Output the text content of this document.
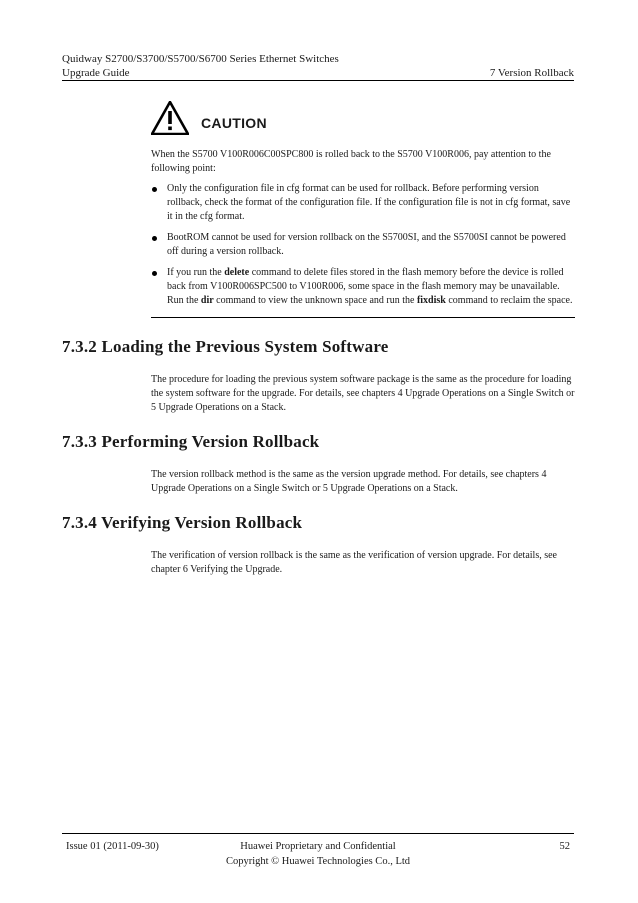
Quidway S2700/S3700/S5700/S6700 Series Ethernet Switches
Upgrade Guide	7 Version Rollback
CAUTION

When the S5700 V100R006C00SPC800 is rolled back to the S5700 V100R006, pay attention to the following point:

Only the configuration file in cfg format can be used for rollback. Before performing version rollback, check the format of the configuration file. If the configuration file is not in cfg format, save it in the cfg format.
BootROM cannot be used for version rollback on the S5700SI, and the S5700SI cannot be powered off during a version rollback.
If you run the delete command to delete files stored in the flash memory before the device is rolled back from V100R006SPC500 to V100R006, some space in the flash memory may be unavailable. Run the dir command to view the unknown space and run the fixdisk command to reclaim the space.
7.3.2 Loading the Previous System Software

The procedure for loading the previous system software package is the same as the procedure for loading the system software for the upgrade. For details, see chapters 4 Upgrade Operations on a Single Switch or 5 Upgrade Operations on a Stack.

7.3.3 Performing Version Rollback

The version rollback method is the same as the version upgrade method. For details, see chapters 4 Upgrade Operations on a Single Switch or 5 Upgrade Operations on a Stack.

7.3.4 Verifying Version Rollback

The verification of version rollback is the same as the verification of version upgrade. For details, see chapter 6 Verifying the Upgrade.

Issue 01 (2011-09-30)	Huawei Proprietary and Confidential
Copyright © Huawei Technologies Co., Ltd
52
